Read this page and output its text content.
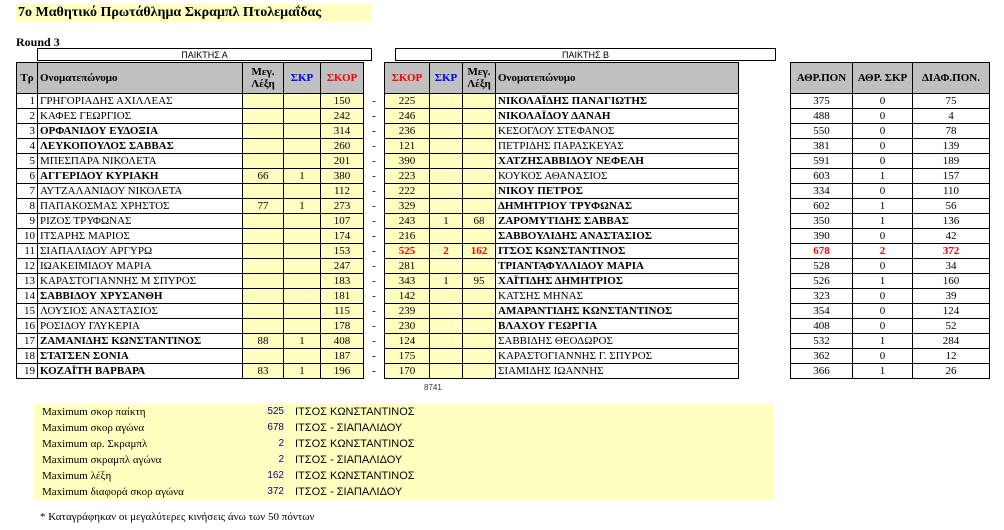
7ο Μαθητικό Πρωτάθλημα Σκραμπλ Πτολεμαΐδας
Round 3
ΠΑΙΚΤΗΣ Α	ΠΑΙΚΤΗΣ Β
Τρ	Ονοματεπώνυμο	Μεγ. Λέξη	ΣΚΡ	ΣΚΟΡ		ΣΚΟΡ	ΣΚΡ	Μεγ. Λέξη	Ονοματεπώνυμο
1	ΓΡΗΓΟΡΙΑΔΗΣ ΑΧΙΛΛΕΑΣ			150	-	225			ΝΙΚΟΛΑΪΔΗΣ ΠΑΝΑΓΙΩΤΗΣ
2	ΚΑΦΕΣ ΓΕΩΡΓΙΟΣ			242	-	246			ΝΙΚΟΛΑΪΔΟΥ ΔΑΝΑΗ
3	ΟΡΦΑΝΙΔΟΥ ΕΥΔΟΞΙΑ			314	-	236			ΚΕΣΟΓΛΟΥ ΣΤΕΦΑΝΟΣ
4	ΛΕΥΚΟΠΟΥΛΟΣ ΣΑΒΒΑΣ			260	-	121			ΠΕΤΡΙΔΗΣ ΠΑΡΑΣΚΕΥΑΣ
5	ΜΠΕΣΠΑΡΑ ΝΙΚΟΛΕΤΑ			201	-	390			ΧΑΤΖΗΣΑΒΒΙΔΟΥ ΝΕΦΕΛΗ
6	ΑΓΓΕΡΙΔΟΥ ΚΥΡΙΑΚΗ	66	1	380	-	223			ΚΟΥΚΟΣ ΑΘΑΝΑΣΙΟΣ
7	ΑΥΤΖΑΛΑΝΙΔΟΥ ΝΙΚΟΛΕΤΑ			112	-	222			ΝΙΚΟΥ ΠΕΤΡΟΣ
8	ΠΑΠΑΚΟΣΜΑΣ ΧΡΗΣΤΟΣ	77	1	273	-	329			ΔΗΜΗΤΡΙΟΥ ΤΡΥΦΩΝΑΣ
9	ΡΙΖΟΣ ΤΡΥΦΩΝΑΣ			107	-	243	1	68	ΖΑΡΟΜΥΤΙΔΗΣ ΣΑΒΒΑΣ
10	ΙΤΣΑΡΗΣ ΜΑΡΙΟΣ			174	-	216			ΣΑΒΒΟΥΛΙΔΗΣ ΑΝΑΣΤΑΣΙΟΣ
11	ΣΙΑΠΑΛΙΔΟΥ ΑΡΓΥΡΩ			153	-	525	2	162	ΙΤΣΟΣ ΚΩΝΣΤΑΝΤΙΝΟΣ
12	ΙΩΑΚΕΙΜΙΔΟΥ ΜΑΡΙΑ			247	-	281			ΤΡΙΑΝΤΑΦΥΛΛΙΔΟΥ ΜΑΡΙΑ
13	ΚΑΡΑΣΤΟΓΙΑΝΝΗΣ Μ ΣΠΥΡΟΣ			183	-	343	1	95	ΧΑΪΤΙΔΗΣ ΔΗΜΗΤΡΙΟΣ
14	ΣΑΒΒΙΔΟΥ ΧΡΥΣΑΝΘΗ			181	-	142			ΚΑΤΣΗΣ ΜΗΝΑΣ
15	ΛΟΥΣΙΟΣ ΑΝΑΣΤΑΣΙΟΣ			115	-	239			ΑΜΑΡΑΝΤΙΔΗΣ ΚΩΝΣΤΑΝΤΙΝΟΣ
16	ΡΟΣΙΔΟΥ ΓΛΥΚΕΡΙΑ			178	-	230			ΒΛΑΧΟΥ ΓΕΩΡΓΙΑ
17	ΖΑΜΑΝΙΔΗΣ ΚΩΝΣΤΑΝΤΙΝΟΣ	88	1	408	-	124			ΣΑΒΒΙΔΗΣ ΘΕΟΔΩΡΟΣ
18	ΣΤΑΤΣΕΝ ΣΟΝΙΑ			187	-	175			ΚΑΡΑΣΤΟΓΙΑΝΝΗΣ Γ. ΣΠΥΡΟΣ
19	ΚΟΖΑΪΤΗ ΒΑΡΒΑΡΑ	83	1	196	-	170			ΣΙΑΜΙΔΗΣ ΙΩΑΝΝΗΣ
ΑΘΡ.ΠΟΝ	ΑΘΡ. ΣΚΡ	ΔΙΑΦ.ΠΟΝ.
375	0	75
488	0	4
550	0	78
381	0	139
591	0	189
603	1	157
334	0	110
602	1	56
350	1	136
390	0	42
678	2	372
528	0	34
526	1	160
323	0	39
354	0	124
408	0	52
532	1	284
362	0	12
366	1	26
8741
Maximum σκορ παίκτη	525 ΙΤΣΟΣ ΚΩΝΣΤΑΝΤΙΝΟΣ
Maximum σκορ αγώνα	678 ΙΤΣΟΣ - ΣΙΑΠΑΛΙΔΟΥ
Maximum αρ. Σκραμπλ	2 ΙΤΣΟΣ ΚΩΝΣΤΑΝΤΙΝΟΣ
Maximum σκραμπλ αγώνα	2 ΙΤΣΟΣ - ΣΙΑΠΑΛΙΔΟΥ
Maximum λέξη	162 ΙΤΣΟΣ ΚΩΝΣΤΑΝΤΙΝΟΣ
Maximum διαφορά σκορ αγώνα	372 ΙΤΣΟΣ - ΣΙΑΠΑΛΙΔΟΥ
* Καταγράφηκαν οι μεγαλύτερες κινήσεις άνω των 50 πόντων
